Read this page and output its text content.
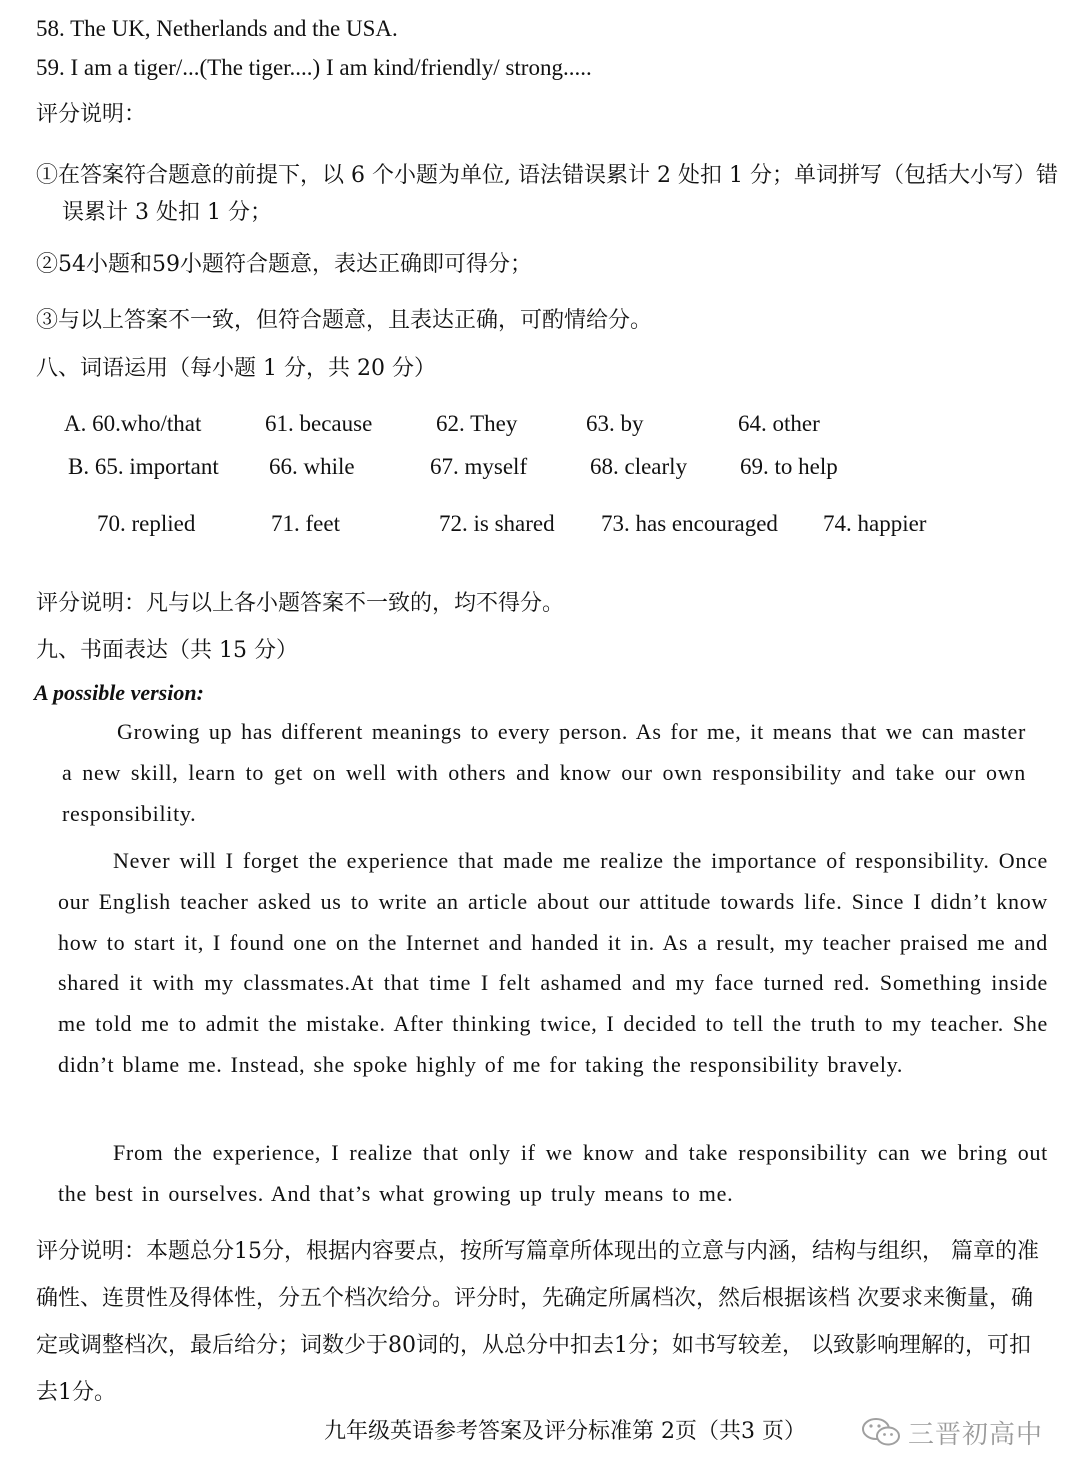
58. The UK, Netherlands and the USA.
59. I am a tiger/...(The tiger....) I am kind/friendly/ strong.....
评分说明：
①在答案符合题意的前提下，以 6 个小题为单位, 语法错误累计 2 处扣 1 分；单词拼写（包括大小写）错误累计 3 处扣 1 分；
②54小题和59小题符合题意，表达正确即可得分；
③与以上答案不一致，但符合题意，且表达正确，可酌情给分。
八、词语运用（每小题 1 分，共 20 分）
A. 60.who/that	61. because	62. They	63. by	64. other
B. 65. important 66. while	67. myself	68. clearly 69. to help
70. replied	71. feet	72. is shared 73. has encouraged 74. happier
评分说明：凡与以上各小题答案不一致的，均不得分。
九、书面表达（共 15 分）
A possible version:

Growing up has different meanings to every person. As for me, it means that we can master a new skill, learn to get on well with others and know our own responsibility and take our own responsibility.

Never will I forget the experience that made me realize the importance of responsibility. Once our English teacher asked us to write an article about our attitude towards life. Since I didn’t know how to start it, I found one on the Internet and handed it in. As a result, my teacher praised me and shared it with my classmates.At that time I felt ashamed and my face turned red. Something inside me told me to admit the mistake. After thinking twice, I decided to tell the truth to my teacher. She didn’t blame me. Instead, she spoke highly of me for taking the responsibility bravely.

From the experience, I realize that only if we know and take responsibility can we bring out the best in ourselves. And that’s what growing up truly means to me.

评分说明：本题总分15分，根据内容要点，按所写篇章所体现出的立意与内涵，结构与组织， 篇章的准确性、连贯性及得体性，分五个档次给分。评分时，先确定所属档次，然后根据该档 次要求来衡量，确定或调整档次，最后给分；词数少于80词的，从总分中扣去1分；如书写较差， 以致影响理解的，可扣去1分。
九年级英语参考答案及评分标准第 2页（共3 页）	三晋初高中
